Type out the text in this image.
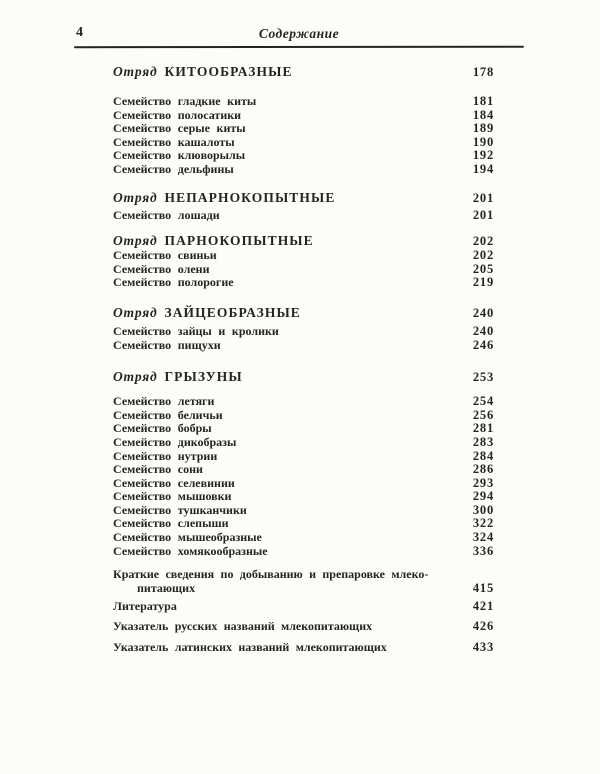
4	Содержание
Отряд КИТООБРАЗНЫЕ	178
Семейство гладкие киты	181
Семейство полосатики	184
Семейство серые киты	189
Семейство кашалоты	190
Семейство клюворылы	192
Семейство дельфины	194
Отряд НЕПАРНОКОПЫТНЫЕ	201
Семейство лошади	201
Отряд ПАРНОКОПЫТНЫЕ	202
Семейство свиньи	202
Семейство олени	205
Семейство полорогие	219
Отряд ЗАЙЦЕОБРАЗНЫЕ	240
Семейство зайцы и кролики	240
Семейство пищухи	246
Отряд ГРЫЗУНЫ	253
Семейство летяги	254
Семейство беличьи	256
Семейство бобры	281
Семейство дикобразы	283
Семейство нутрии	284
Семейство сони	286
Семейство селевинии	293
Семейство мышовки	294
Семейство тушканчики	300
Семейство слепыши	322
Семейство мышеобразные	324
Семейство хомякообразные	336
Краткие сведения по добыванию и препаровке млеко-
питающих	415
Литература	421
Указатель русских названий млекопитающих	426
Указатель латинских названий млекопитающих	433
